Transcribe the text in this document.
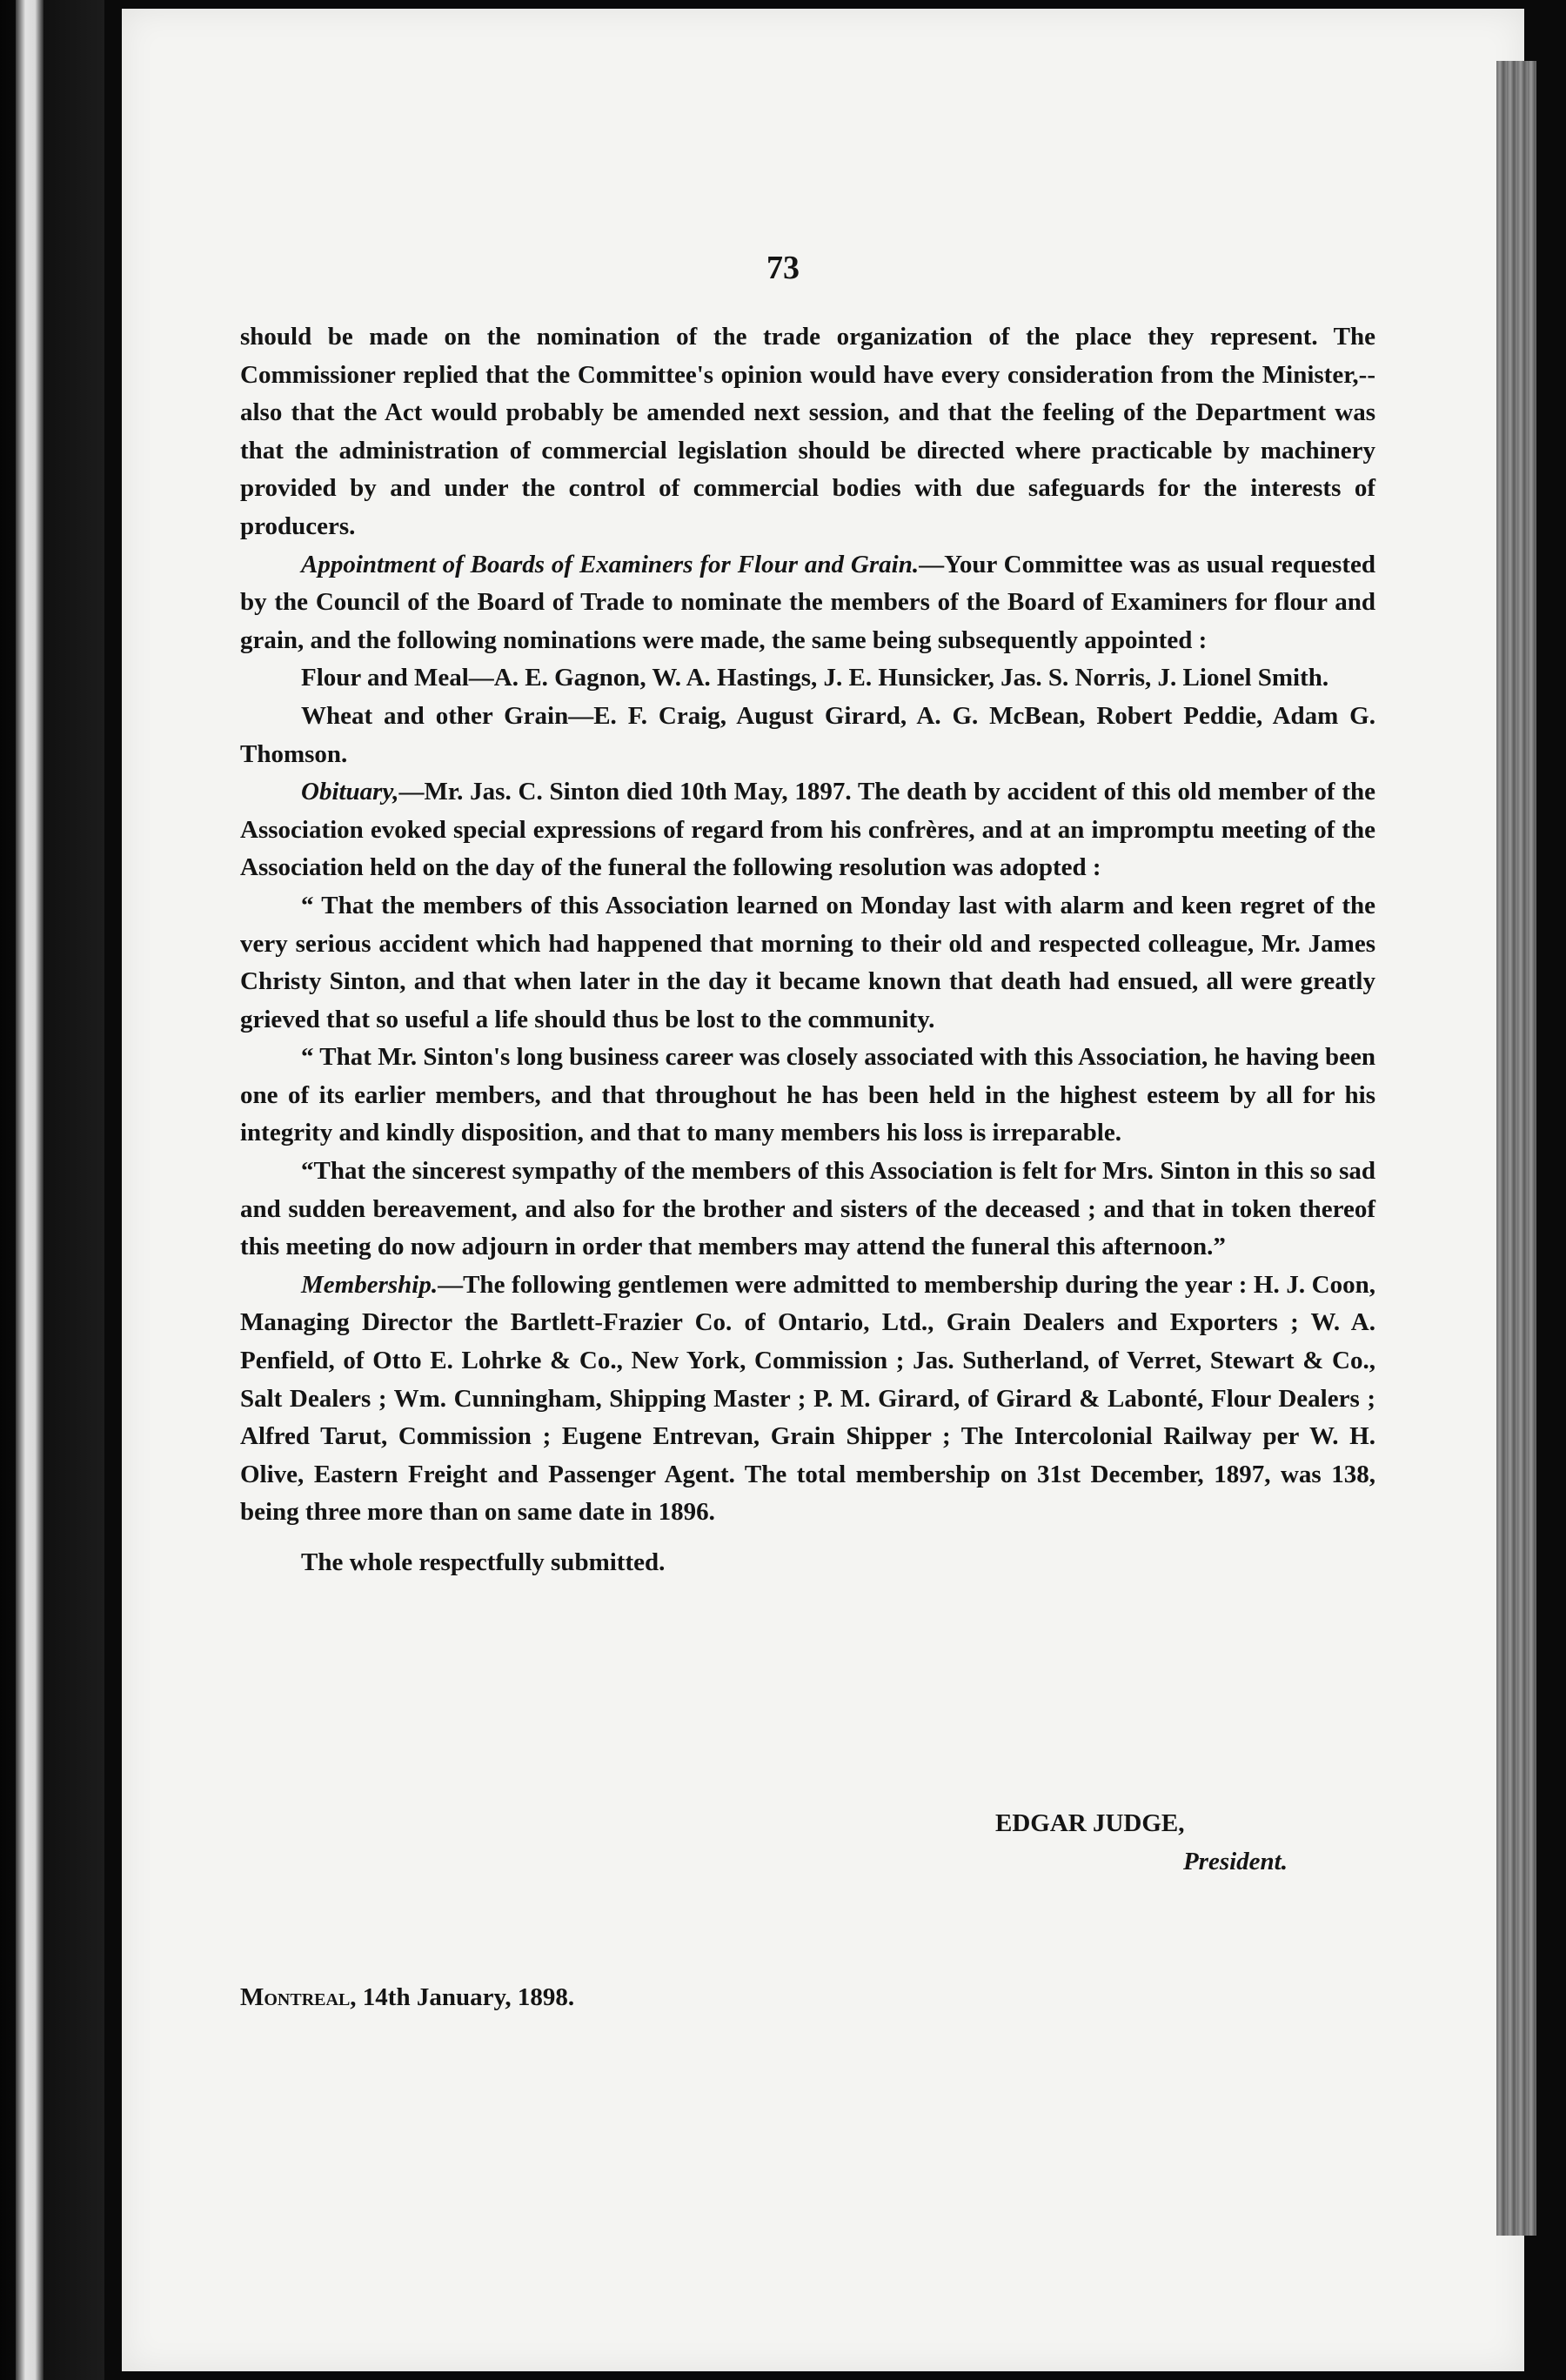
73

should be made on the nomination of the trade organization of the place they represent. The Commissioner replied that the Committee's opinion would have every consideration from the Minister,--also that the Act would probably be amended next session, and that the feeling of the Department was that the administration of commercial legislation should be directed where practicable by machinery provided by and under the control of commercial bodies with due safeguards for the interests of producers.

Appointment of Boards of Examiners for Flour and Grain.—Your Committee was as usual requested by the Council of the Board of Trade to nominate the members of the Board of Examiners for flour and grain, and the following nominations were made, the same being subsequently appointed :

Flour and Meal—A. E. Gagnon, W. A. Hastings, J. E. Hunsicker, Jas. S. Norris, J. Lionel Smith.

Wheat and other Grain—E. F. Craig, August Girard, A. G. McBean, Robert Peddie, Adam G. Thomson.

Obituary,—Mr. Jas. C. Sinton died 10th May, 1897. The death by accident of this old member of the Association evoked special expressions of regard from his confrères, and at an impromptu meeting of the Association held on the day of the funeral the following resolution was adopted :

“ That the members of this Association learned on Monday last with alarm and keen regret of the very serious accident which had happened that morning to their old and respected colleague, Mr. James Christy Sinton, and that when later in the day it became known that death had ensued, all were greatly grieved that so useful a life should thus be lost to the community.

“ That Mr. Sinton's long business career was closely associated with this Association, he having been one of its earlier members, and that throughout he has been held in the highest esteem by all for his integrity and kindly disposition, and that to many members his loss is irreparable.

“That the sincerest sympathy of the members of this Association is felt for Mrs. Sinton in this so sad and sudden bereavement, and also for the brother and sisters of the deceased ; and that in token thereof this meeting do now adjourn in order that members may attend the funeral this afternoon.”

Membership.—The following gentlemen were admitted to membership during the year : H. J. Coon, Managing Director the Bartlett-Frazier Co. of Ontario, Ltd., Grain Dealers and Exporters ; W. A. Penfield, of Otto E. Lohrke & Co., New York, Commission ; Jas. Sutherland, of Verret, Stewart & Co., Salt Dealers ; Wm. Cunningham, Shipping Master ; P. M. Girard, of Girard & Labonté, Flour Dealers ; Alfred Tarut, Commission ; Eugene Entrevan, Grain Shipper ; The Intercolonial Railway per W. H. Olive, Eastern Freight and Passenger Agent. The total membership on 31st December, 1897, was 138, being three more than on same date in 1896.

The whole respectfully submitted.

EDGAR JUDGE,
President.
Montreal, 14th January, 1898.
